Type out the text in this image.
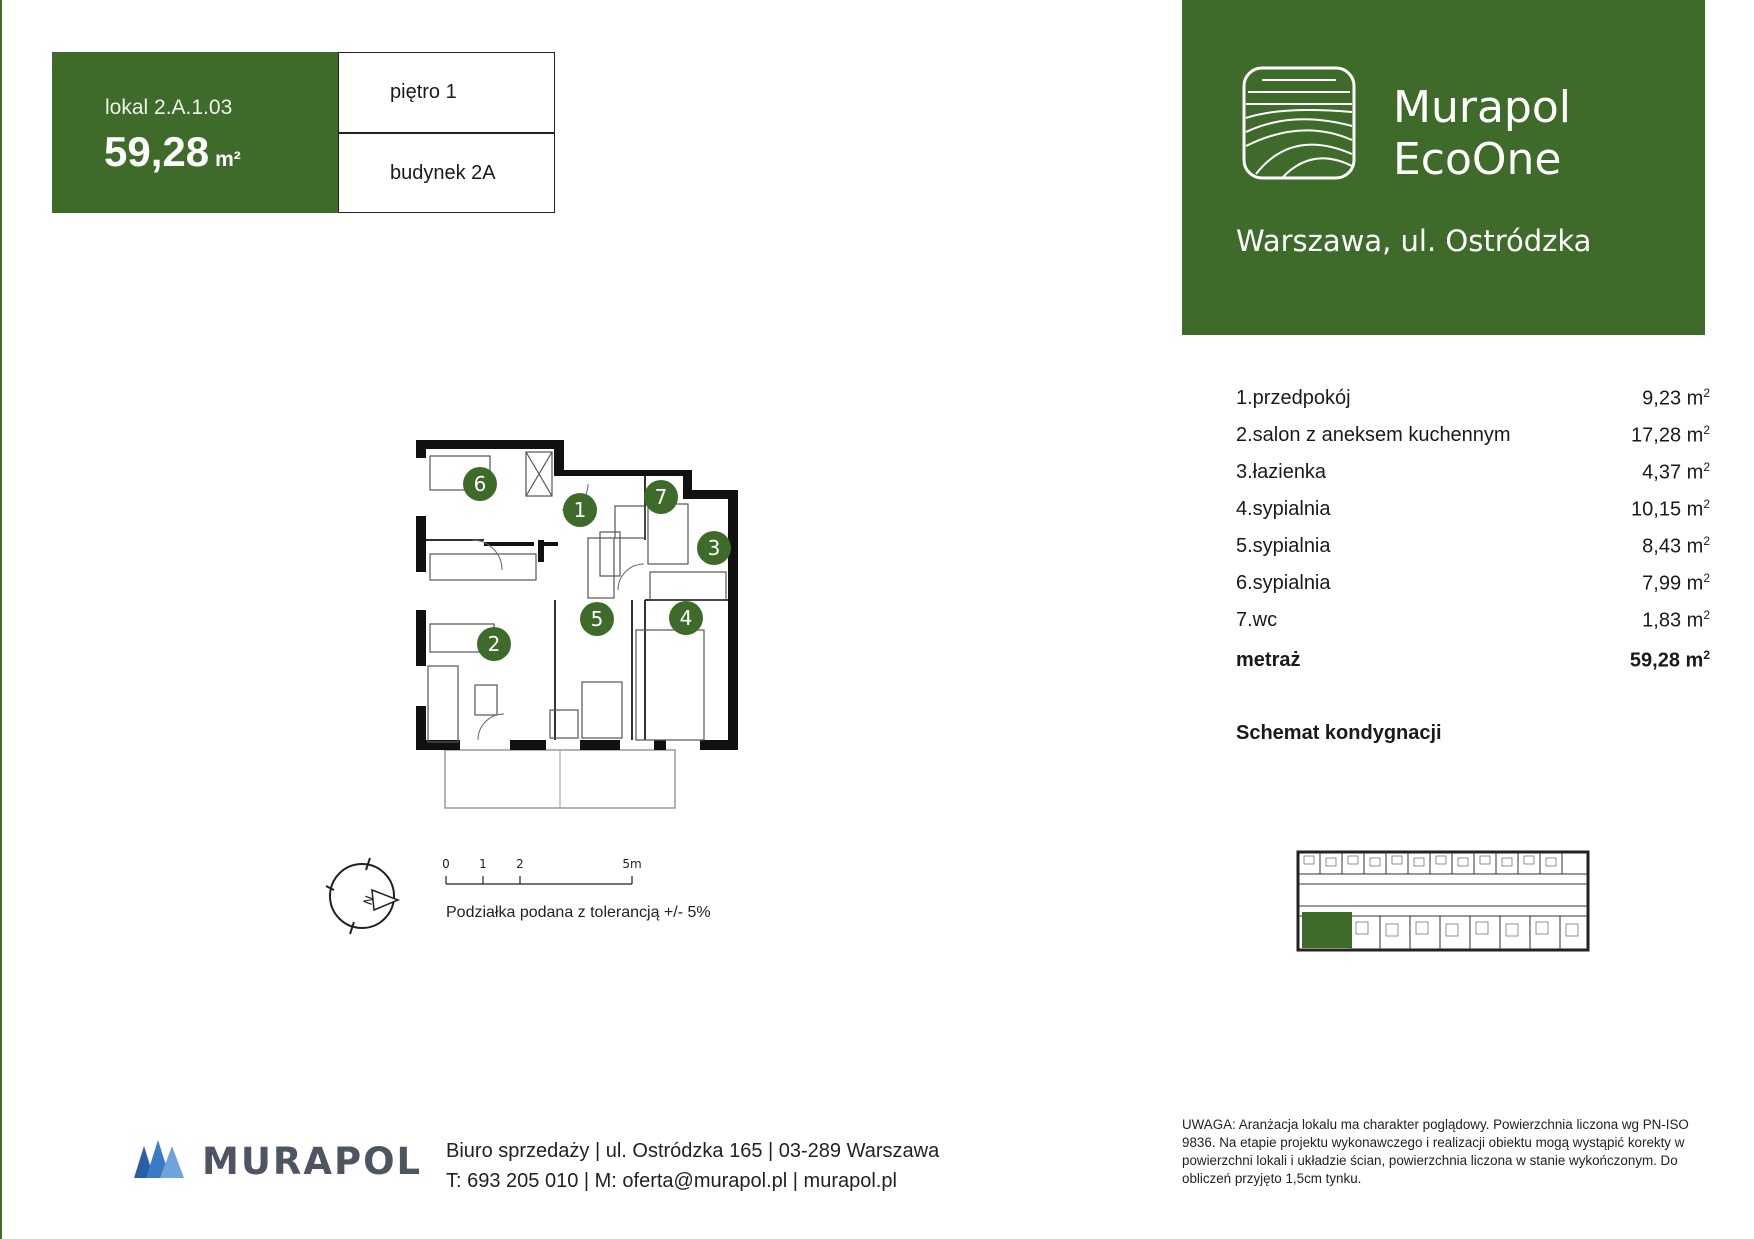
lokal 2.A.1.03
59,28 m²
piętro 1
budynek 2A
Murapol
EcoOne
Warszawa, ul. Ostródzka
1.przedpokój	9,23 $m^2$
2.salon z aneksem kuchennym	17,28 $m^2$
3.łazienka	4,37 $m^2$
4.sypialnia	10,15 $m^2$
5.sypialnia	8,43 $m^2$
6.sypialnia	7,99 $m^2$
7.wc	1,83 $m^2$
metraż	59,28 $m^2$
Schemat kondygnacji
6
1
7
3
4
5
2
N
0 1 2	5m
Podziałka podana z tolerancją +/- 5%
MURAPOL Biuro sprzedaży | ul. Ostródzka 165 | 03-289 Warszawa
T: 693 205 010 | M: oferta@murapol.pl | murapol.pl
UWAGA: Aranżacja lokalu ma charakter poglądowy. Powierzchnia liczona wg PN-ISO 9836. Na etapie projektu wykonawczego i realizacji obiektu mogą wystąpić korekty w powierzchni lokali i układzie ścian, powierzchnia liczona w stanie wykończonym. Do obliczeń przyjęto 1,5cm tynku.
